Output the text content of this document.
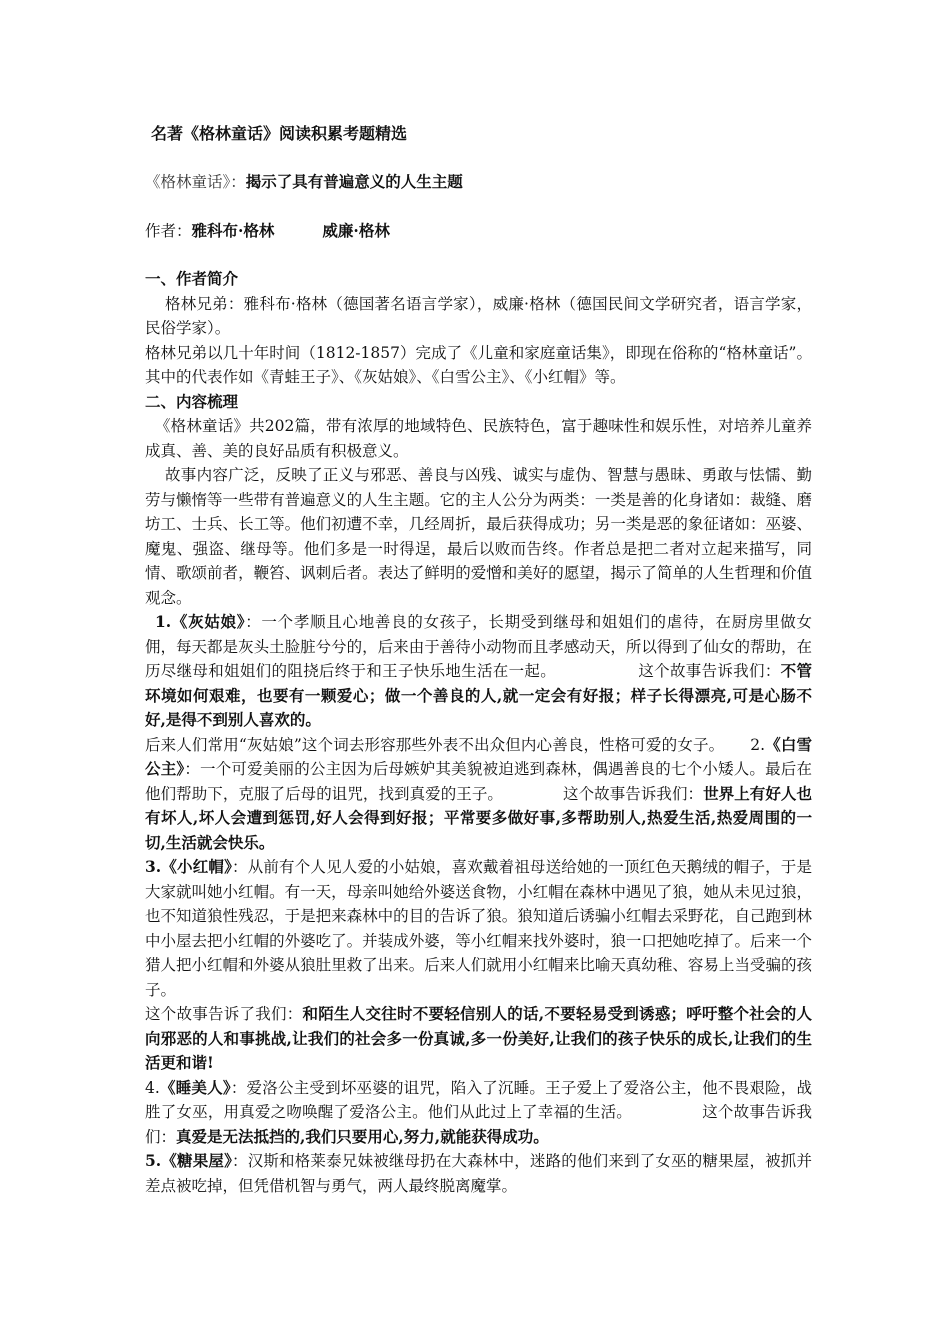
名著《格林童话》阅读积累考题精选
《格林童话》：揭示了具有普遍意义的人生主题
作者：雅科布·格林	威廉·格林
一、作者简介

格林兄弟：雅科布·格林（德国著名语言学家），威廉·格林（德国民间文学研究者，语言学家，民俗学家）。

格林兄弟以几十年时间（1812-1857）完成了《儿童和家庭童话集》，即现在俗称的“格林童话”。其中的代表作如《青蛙王子》、《灰姑娘》、《白雪公主》、《小红帽》等。

二、内容梳理

《格林童话》共202篇，带有浓厚的地域特色、民族特色，富于趣味性和娱乐性，对培养儿童养成真、善、美的良好品质有积极意义。

故事内容广泛，反映了正义与邪恶、善良与凶残、诚实与虚伪、智慧与愚昧、勇敢与怯懦、勤劳与懒惰等一些带有普遍意义的人生主题。它的主人公分为两类：一类是善的化身诸如：裁缝、磨坊工、士兵、长工等。他们初遭不幸，几经周折，最后获得成功；另一类是恶的象征诸如：巫婆、魔鬼、强盗、继母等。他们多是一时得逞，最后以败而告终。作者总是把二者对立起来描写，同情、歌颂前者，鞭笞、讽刺后者。表达了鲜明的爱憎和美好的愿望，揭示了简单的人生哲理和价值观念。

1.《灰姑娘》：一个孝顺且心地善良的女孩子，长期受到继母和姐姐们的虐待，在厨房里做女佣，每天都是灰头土脸脏兮兮的，后来由于善待小动物而且孝感动天，所以得到了仙女的帮助，在历尽继母和姐姐们的阻挠后终于和王子快乐地生活在一起。	这个故事告诉我们：不管环境如何艰难，也要有一颗爱心；做一个善良的人,就一定会有好报；样子长得漂亮,可是心肠不好,是得不到别人喜欢的。

后来人们常用“灰姑娘”这个词去形容那些外表不出众但内心善良，性格可爱的女子。 2.《白雪公主》：一个可爱美丽的公主因为后母嫉妒其美貌被迫逃到森林，偶遇善良的七个小矮人。最后在他们帮助下，克服了后母的诅咒，找到真爱的王子。	这个故事告诉我们：世界上有好人也有坏人,坏人会遭到惩罚,好人会得到好报；平常要多做好事,多帮助别人,热爱生活,热爱周围的一切,生活就会快乐。

3.《小红帽》：从前有个人见人爱的小姑娘，喜欢戴着祖母送给她的一顶红色天鹅绒的帽子，于是大家就叫她小红帽。有一天，母亲叫她给外婆送食物，小红帽在森林中遇见了狼，她从未见过狼，也不知道狼性残忍，于是把来森林中的目的告诉了狼。狼知道后诱骗小红帽去采野花，自己跑到林中小屋去把小红帽的外婆吃了。并装成外婆，等小红帽来找外婆时，狼一口把她吃掉了。后来一个猎人把小红帽和外婆从狼肚里救了出来。后来人们就用小红帽来比喻天真幼稚、容易上当受骗的孩子。

这个故事告诉了我们：和陌生人交往时不要轻信别人的话,不要轻易受到诱惑；呼吁整个社会的人向邪恶的人和事挑战,让我们的社会多一份真诚,多一份美好,让我们的孩子快乐的成长,让我们的生活更和谐!

4.《睡美人》：爱洛公主受到坏巫婆的诅咒，陷入了沉睡。王子爱上了爱洛公主，他不畏艰险，战胜了女巫，用真爱之吻唤醒了爱洛公主。他们从此过上了幸福的生活。	这个故事告诉我们：真爱是无法抵挡的,我们只要用心,努力,就能获得成功。

5.《糖果屋》：汉斯和格莱泰兄妹被继母扔在大森林中，迷路的他们来到了女巫的糖果屋，被抓并差点被吃掉，但凭借机智与勇气，两人最终脱离魔掌。
